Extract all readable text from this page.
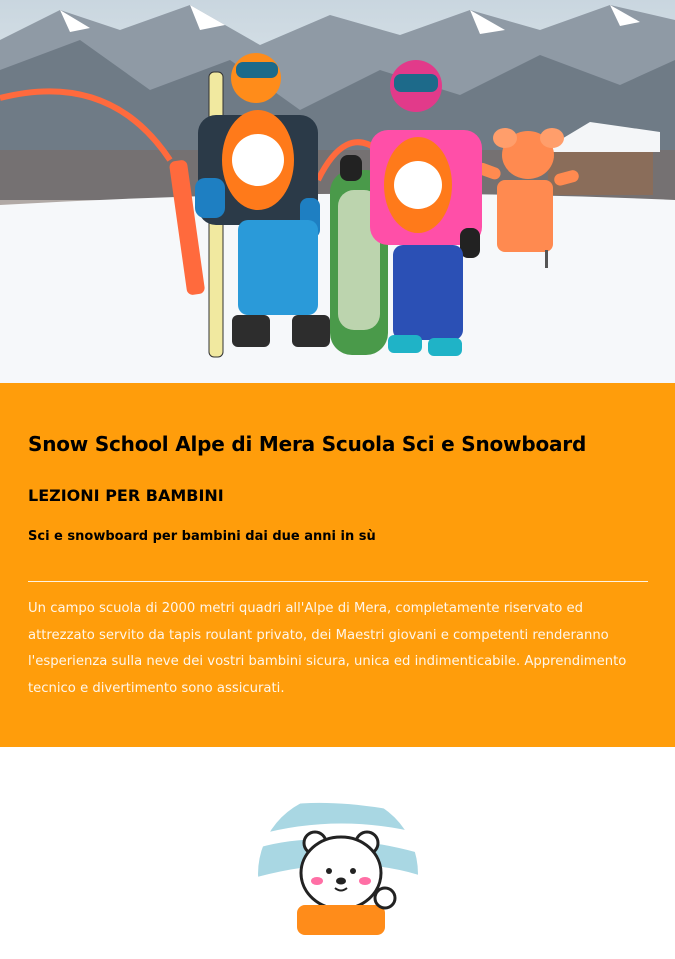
Snow School Alpe di Mera Scuola Sci e Snowboard
LEZIONI PER BAMBINI

Sci e snowboard per bambini dai due anni in sù

Un campo scuola di 2000 metri quadri all'Alpe di Mera, completamente riservato ed attrezzato servito da tapis roulant privato, dei Maestri giovani e competenti renderanno l'esperienza sulla neve dei vostri bambini sicura, unica ed indimenticabile. Apprendimento tecnico e divertimento sono assicurati.
